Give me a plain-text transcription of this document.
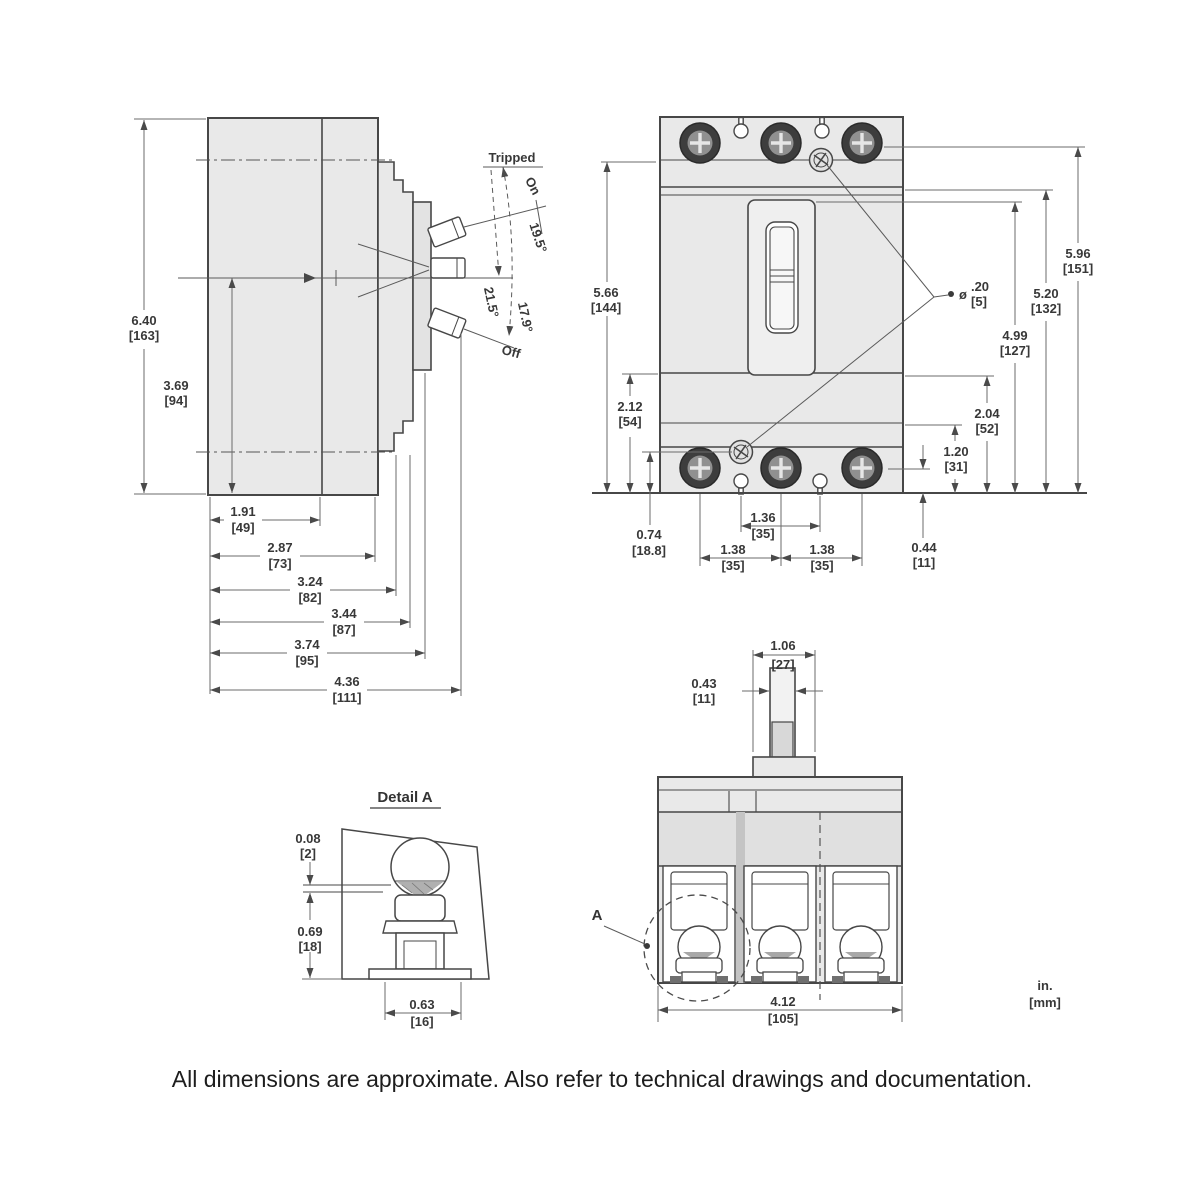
Tripped
On
Off
19.5°
21.5° 17.9°
6.40
[163]
3.69
[94]
1.91
[49]
2.87
[73]
3.24
[82]
3.44
[87]
3.74
[95]
4.36
[111]
ø
.20
[5]
5.96
[151]
5.20
[132]
4.99
[127]
2.04
[52]
1.20
[31]
0.44
[11]
5.66
[144]
2.12
[54]
0.74
[18.8]
1.36
[35]
1.38
[35]
1.38
[35]
A
1.06
[27]
0.43
[11]
4.12
[105]
Detail A
0.08
[2]
0.69
[18]
0.63
[16]
in.
[mm]
All dimensions are approximate. Also refer to technical drawings and documentation.
